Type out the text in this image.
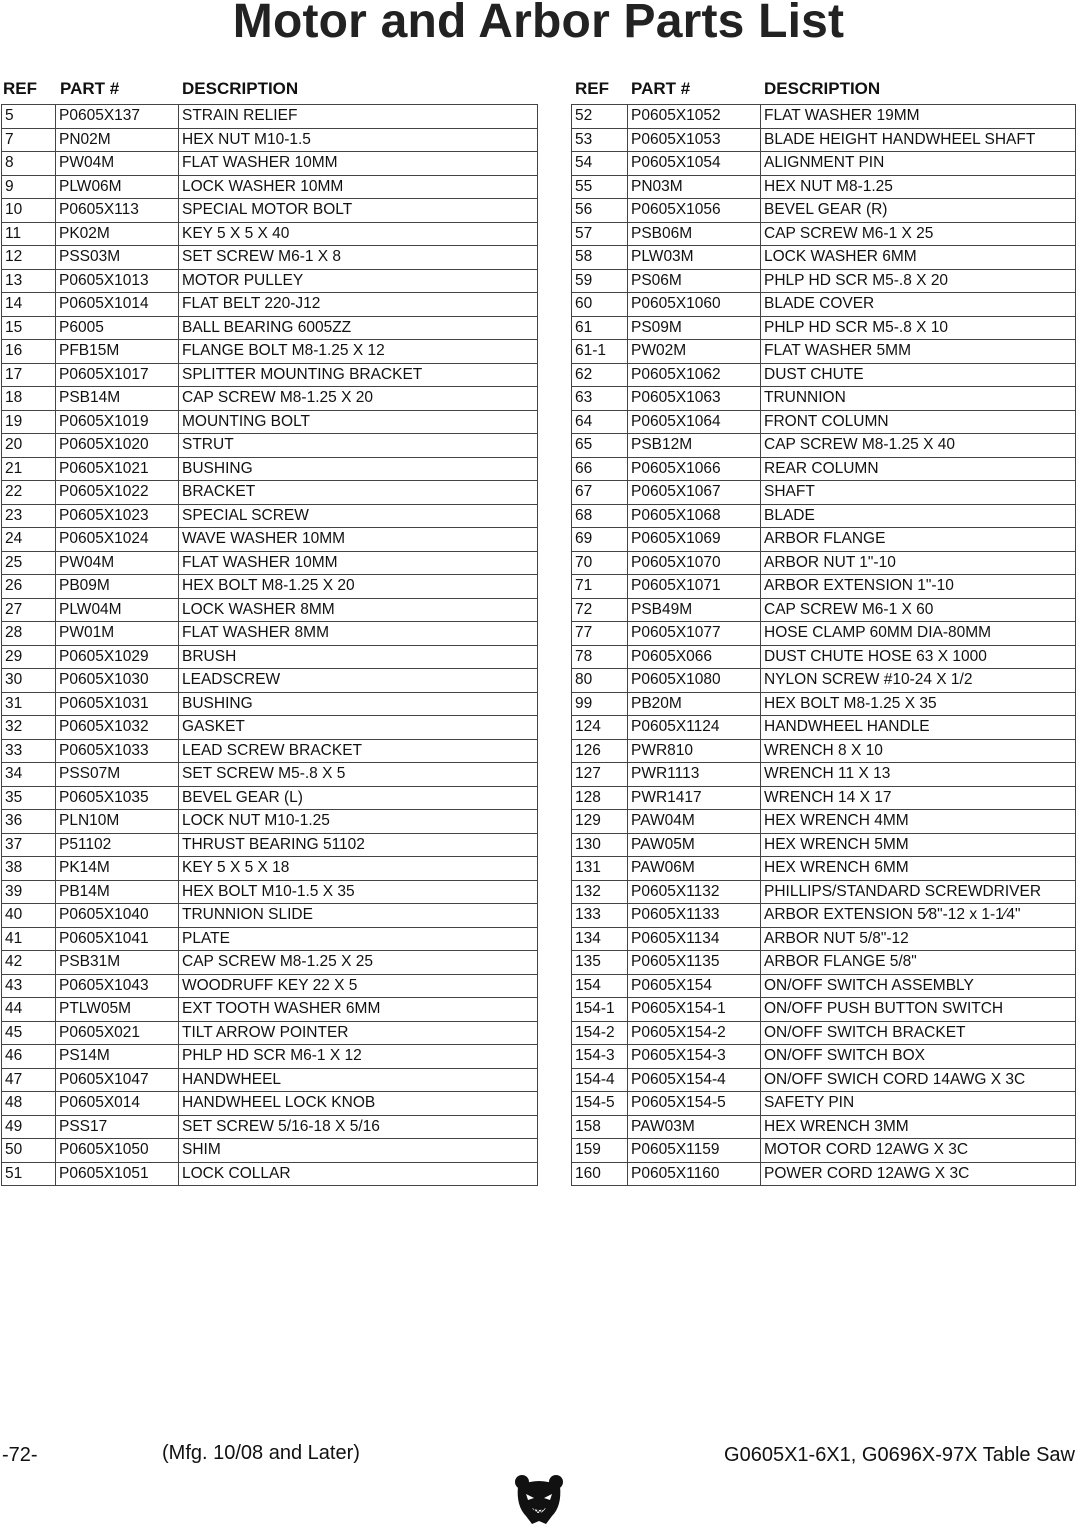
Motor and Arbor Parts List
REF PART #	DESCRIPTION
5	P0605X137	STRAIN RELIEF
7	PN02M	HEX NUT M10-1.5
8	PW04M	FLAT WASHER 10MM
9	PLW06M	LOCK WASHER 10MM
10	P0605X113	SPECIAL MOTOR BOLT
11	PK02M	KEY 5 X 5 X 40
12	PSS03M	SET SCREW M6-1 X 8
13	P0605X1013	MOTOR PULLEY
14	P0605X1014	FLAT BELT 220-J12
15	P6005	BALL BEARING 6005ZZ
16	PFB15M	FLANGE BOLT M8-1.25 X 12
17	P0605X1017	SPLITTER MOUNTING BRACKET
18	PSB14M	CAP SCREW M8-1.25 X 20
19	P0605X1019	MOUNTING BOLT
20	P0605X1020	STRUT
21	P0605X1021	BUSHING
22	P0605X1022	BRACKET
23	P0605X1023	SPECIAL SCREW
24	P0605X1024	WAVE WASHER 10MM
25	PW04M	FLAT WASHER 10MM
26	PB09M	HEX BOLT M8-1.25 X 20
27	PLW04M	LOCK WASHER 8MM
28	PW01M	FLAT WASHER 8MM
29	P0605X1029	BRUSH
30	P0605X1030	LEADSCREW
31	P0605X1031	BUSHING
32	P0605X1032	GASKET
33	P0605X1033	LEAD SCREW BRACKET
34	PSS07M	SET SCREW M5-.8 X 5
35	P0605X1035	BEVEL GEAR (L)
36	PLN10M	LOCK NUT M10-1.25
37	P51102	THRUST BEARING 51102
38	PK14M	KEY 5 X 5 X 18
39	PB14M	HEX BOLT M10-1.5 X 35
40	P0605X1040	TRUNNION SLIDE
41	P0605X1041	PLATE
42	PSB31M	CAP SCREW M8-1.25 X 25
43	P0605X1043	WOODRUFF KEY 22 X 5
44	PTLW05M	EXT TOOTH WASHER 6MM
45	P0605X021	TILT ARROW POINTER
46	PS14M	PHLP HD SCR M6-1 X 12
47	P0605X1047	HANDWHEEL
48	P0605X014	HANDWHEEL LOCK KNOB
49	PSS17	SET SCREW 5/16-18 X 5/16
50	P0605X1050	SHIM
51	P0605X1051	LOCK COLLAR
REF PART #	DESCRIPTION
52	P0605X1052	FLAT WASHER 19MM
53	P0605X1053	BLADE HEIGHT HANDWHEEL SHAFT
54	P0605X1054	ALIGNMENT PIN
55	PN03M	HEX NUT M8-1.25
56	P0605X1056	BEVEL GEAR (R)
57	PSB06M	CAP SCREW M6-1 X 25
58	PLW03M	LOCK WASHER 6MM
59	PS06M	PHLP HD SCR M5-.8 X 20
60	P0605X1060	BLADE COVER
61	PS09M	PHLP HD SCR M5-.8 X 10
61-1	PW02M	FLAT WASHER 5MM
62	P0605X1062	DUST CHUTE
63	P0605X1063	TRUNNION
64	P0605X1064	FRONT COLUMN
65	PSB12M	CAP SCREW M8-1.25 X 40
66	P0605X1066	REAR COLUMN
67	P0605X1067	SHAFT
68	P0605X1068	BLADE
69	P0605X1069	ARBOR FLANGE
70	P0605X1070	ARBOR NUT 1"-10
71	P0605X1071	ARBOR EXTENSION 1"-10
72	PSB49M	CAP SCREW M6-1 X 60
77	P0605X1077	HOSE CLAMP 60MM DIA-80MM
78	P0605X066	DUST CHUTE HOSE 63 X 1000
80	P0605X1080	NYLON SCREW #10-24 X 1/2
99	PB20M	HEX BOLT M8-1.25 X 35
124	P0605X1124	HANDWHEEL HANDLE
126	PWR810	WRENCH 8 X 10
127	PWR1113	WRENCH 11 X 13
128	PWR1417	WRENCH 14 X 17
129	PAW04M	HEX WRENCH 4MM
130	PAW05M	HEX WRENCH 5MM
131	PAW06M	HEX WRENCH 6MM
132	P0605X1132	PHILLIPS/STANDARD SCREWDRIVER
133	P0605X1133	ARBOR EXTENSION 5⁄8"-12 x 1-1⁄4"
134	P0605X1134	ARBOR NUT 5/8"-12
135	P0605X1135	ARBOR FLANGE 5/8"
154	P0605X154	ON/OFF SWITCH ASSEMBLY
154-1	P0605X154-1	ON/OFF PUSH BUTTON SWITCH
154-2	P0605X154-2	ON/OFF SWITCH BRACKET
154-3	P0605X154-3	ON/OFF SWITCH BOX
154-4	P0605X154-4	ON/OFF SWICH CORD 14AWG X 3C
154-5	P0605X154-5	SAFETY PIN
158	PAW03M	HEX WRENCH 3MM
159	P0605X1159	MOTOR CORD 12AWG X 3C
160	P0605X1160	POWER CORD 12AWG X 3C
-72-	(Mfg. 10/08 and Later)	G0605X1-6X1, G0696X-97X Table Saw
